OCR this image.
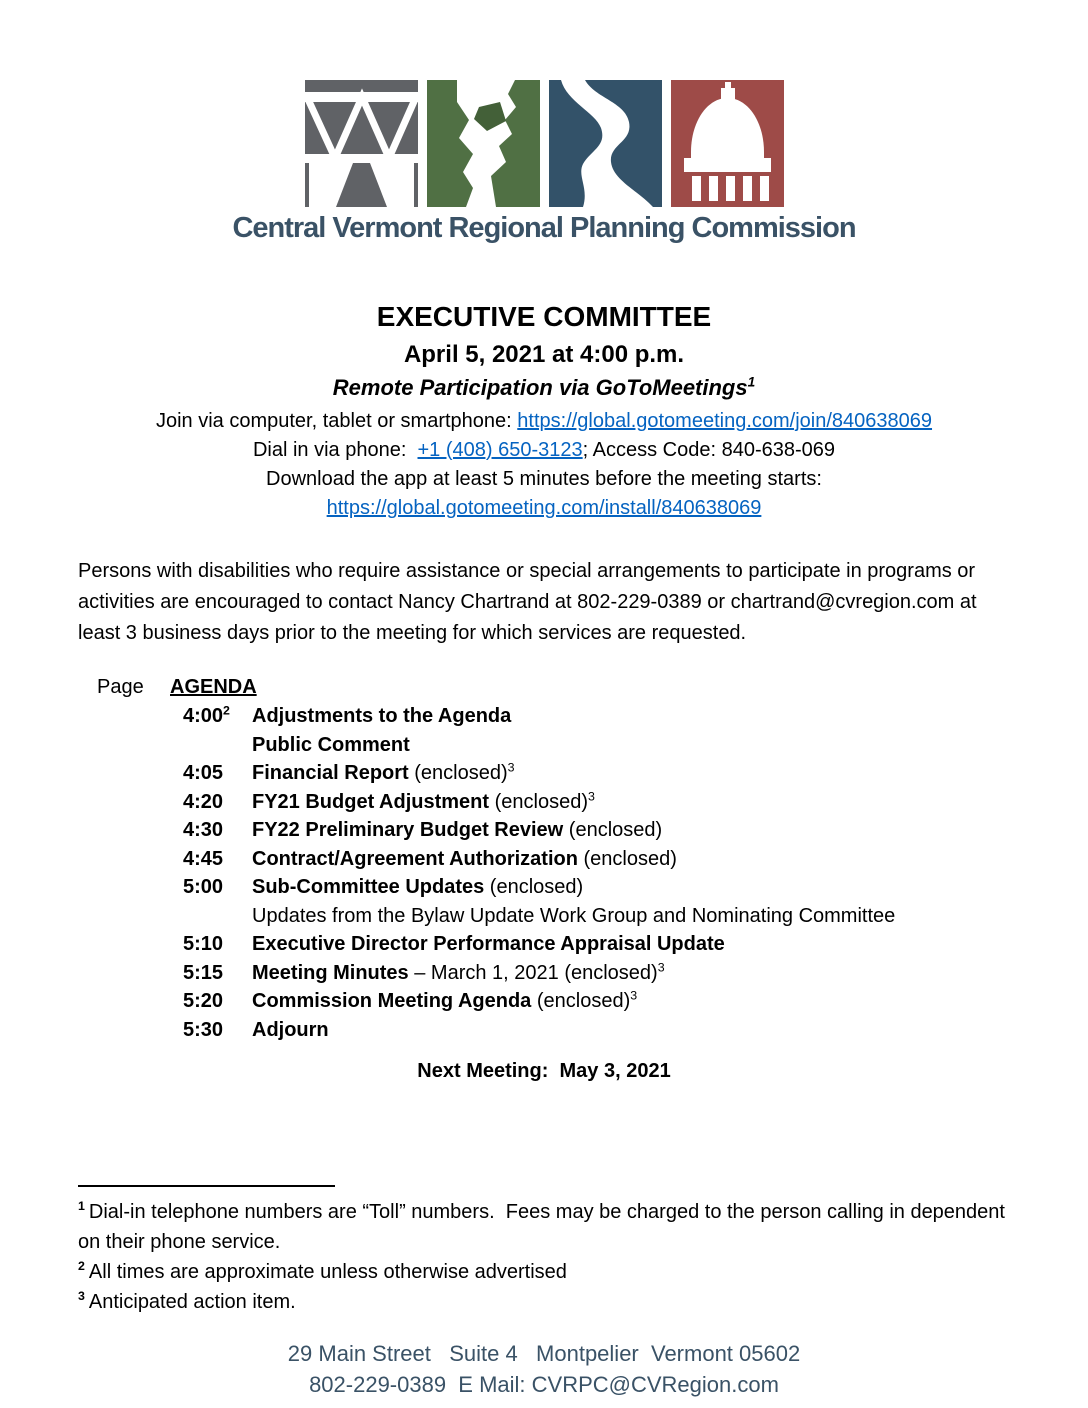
Central Vermont Regional Planning Commission
EXECUTIVE COMMITTEE
April 5, 2021 at 4:00 p.m.
Remote Participation via GoToMeetings$^1$
Join via computer, tablet or smartphone: https://global.gotomeeting.com/join/840638069
Dial in via phone:  +1 (408) 650-3123; Access Code: 840-638-069
Download the app at least 5 minutes before the meeting starts:
https://global.gotomeeting.com/install/840638069
Persons with disabilities who require assistance or special arrangements to participate in programs or activities are encouraged to contact Nancy Chartrand at 802-229-0389 or chartrand@cvregion.com at least 3 business days prior to the meeting for which services are requested.
Page	AGENDA
$4:00^2$	Adjustments to the Agenda
Public Comment
4:05	Financial Report (enclosed)$^3$
4:20	FY21 Budget Adjustment (enclosed)$^3$
4:30	FY22 Preliminary Budget Review (enclosed)
4:45	Contract/Agreement Authorization (enclosed)
5:00	Sub-Committee Updates (enclosed)
Updates from the Bylaw Update Work Group and Nominating Committee
5:10	Executive Director Performance Appraisal Update
5:15	Meeting Minutes – March 1, 2021 (enclosed)$^3$
5:20	Commission Meeting Agenda (enclosed)$^3$
5:30	Adjourn
Next Meeting:  May 3, 2021
$^1$ Dial-in telephone numbers are “Toll” numbers.  Fees may be charged to the person calling in dependent on their phone service.
$^2$ All times are approximate unless otherwise advertised
$^3$ Anticipated action item.
29 Main Street   Suite 4   Montpelier  Vermont 05602
802-229-0389  E Mail: CVRPC@CVRegion.com
